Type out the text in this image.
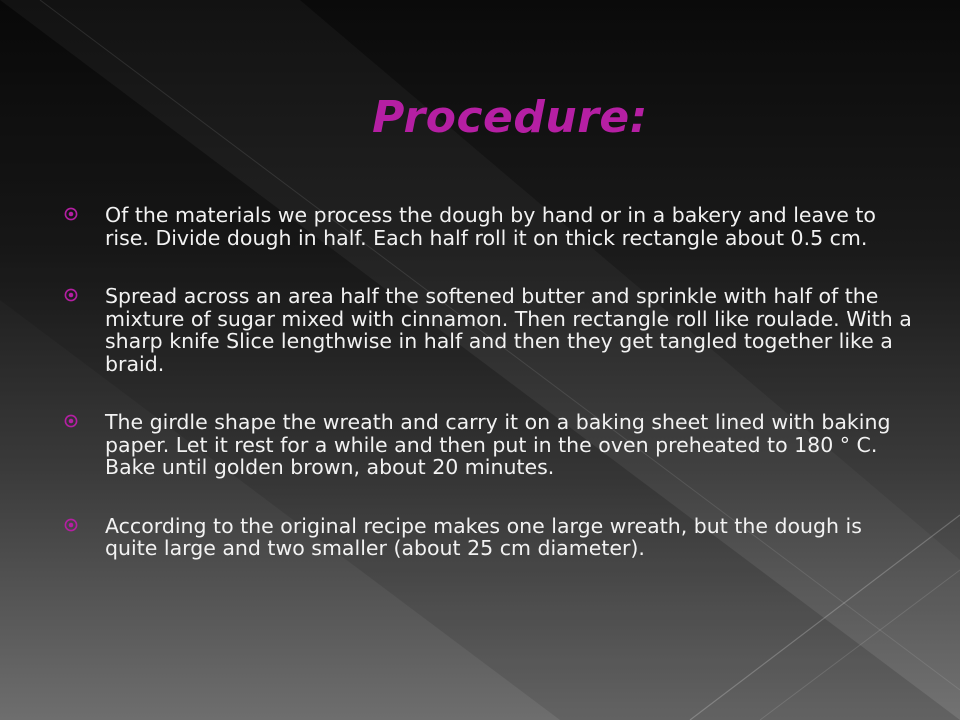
Procedure:
Of the materials we process the dough by hand or in a bakery and leave to rise. Divide dough in half. Each half roll it on thick rectangle about 0.5 cm.
Spread across an area half the softened butter and sprinkle with half of the mixture of sugar mixed with cinnamon. Then rectangle roll like roulade. With a sharp knife Slice lengthwise in half and then they get tangled together like a braid.
The girdle shape the wreath and carry it on a baking sheet lined with baking paper. Let it rest for a while and then put in the oven preheated to 180 ° C. Bake until golden brown, about 20 minutes.
According to the original recipe makes one large wreath, but the dough is quite large and two smaller (about 25 cm diameter).
